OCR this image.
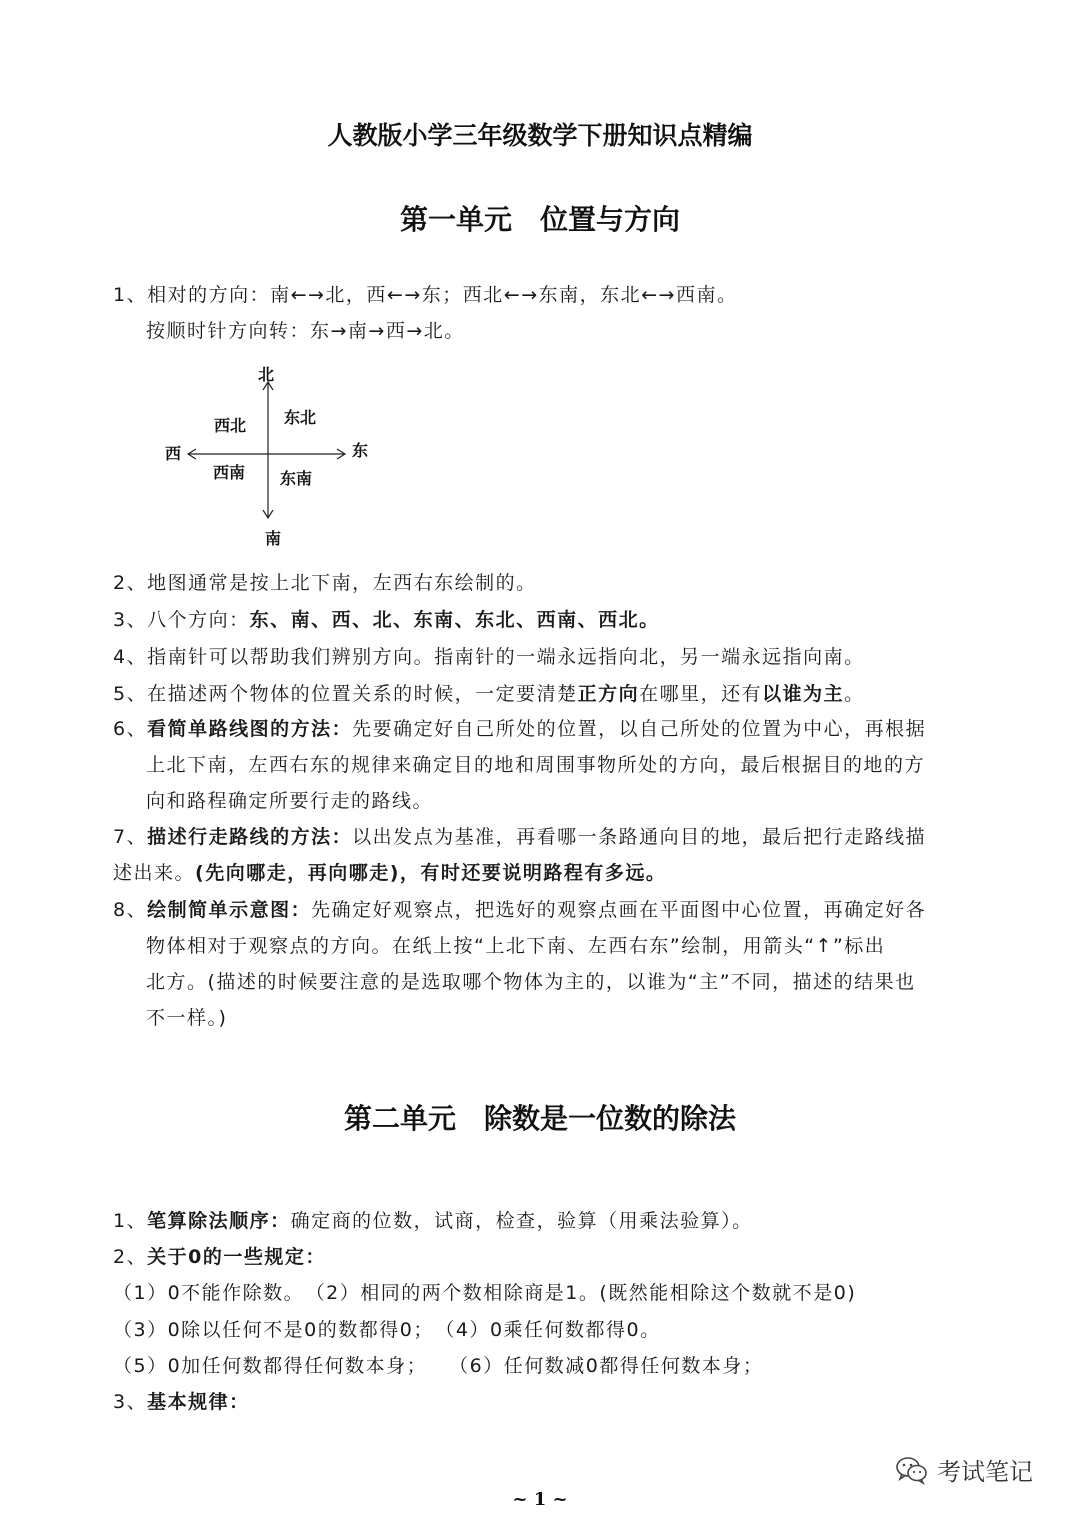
人教版小学三年级数学下册知识点精编
第一单元　位置与方向
1、相对的方向：南←→北，西←→东；西北←→东南，东北←→西南。
按顺时针方向转：东→南→西→北。
北
南
东
西
西北 东北
西南 东南
2、地图通常是按上北下南，左西右东绘制的。
3、八个方向：东、南、西、北、东南、东北、西南、西北。
4、指南针可以帮助我们辨别方向。指南针的一端永远指向北，另一端永远指向南。
5、在描述两个物体的位置关系的时候，一定要清楚正方向在哪里，还有以谁为主。
6、看简单路线图的方法：先要确定好自己所处的位置，以自己所处的位置为中心，再根据
上北下南，左西右东的规律来确定目的地和周围事物所处的方向，最后根据目的地的方
向和路程确定所要行走的路线。
7、描述行走路线的方法：以出发点为基准，再看哪一条路通向目的地，最后把行走路线描
述出来。(先向哪走，再向哪走)，有时还要说明路程有多远。
8、绘制简单示意图：先确定好观察点，把选好的观察点画在平面图中心位置，再确定好各
物体相对于观察点的方向。在纸上按“上北下南、左西右东”绘制，用箭头“↑”标出
北方。(描述的时候要注意的是选取哪个物体为主的，以谁为“主”不同，描述的结果也
不一样。)
第二单元　除数是一位数的除法
1、笔算除法顺序：确定商的位数，试商，检查，验算（用乘法验算）。
2、关于0的一些规定：
（1）0不能作除数。　（2）相同的两个数相除商是1。(既然能相除这个数就不是0)
（3）0除以任何不是0的数都得0；　（4）0乘任何数都得0。
（5）0加任何数都得任何数本身；　　（6）任何数减0都得任何数本身；
3、基本规律：
考试笔记
~ 1 ~
